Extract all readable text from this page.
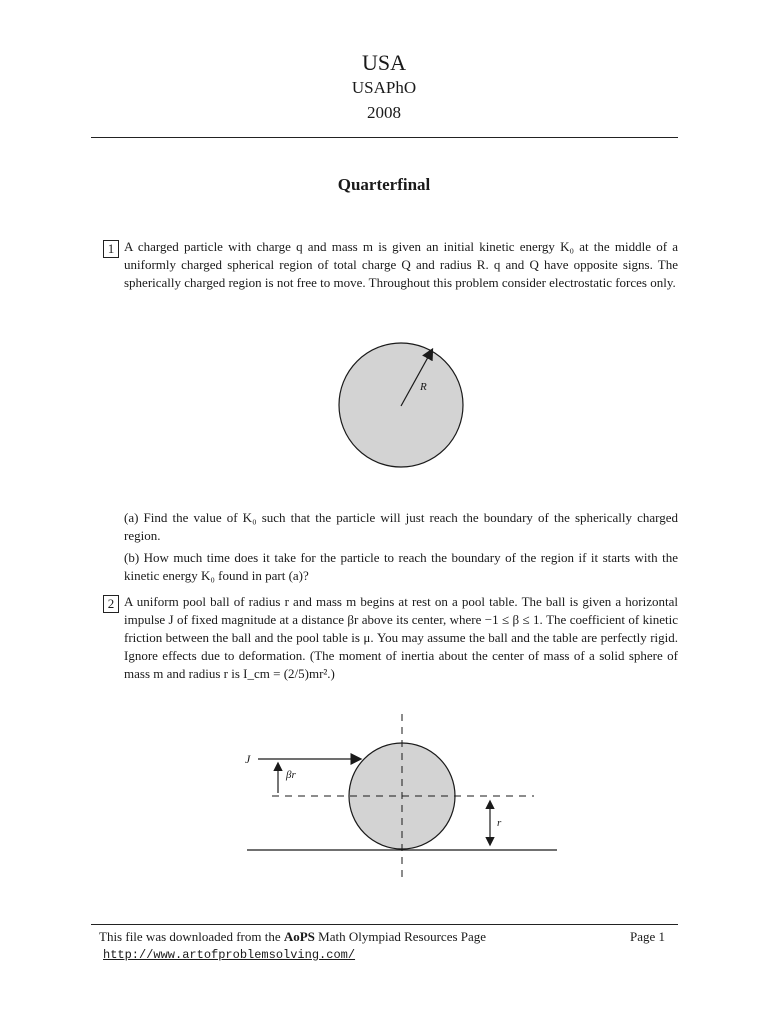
USA
USAPhO
2008
Quarterfinal
1 A charged particle with charge q and mass m is given an initial kinetic energy K₀ at the middle of a uniformly charged spherical region of total charge Q and radius R. q and Q have opposite signs. The spherically charged region is not free to move. Throughout this problem consider electrostatic forces only.
R
(a) Find the value of K₀ such that the particle will just reach the boundary of the spherically charged region.
(b) How much time does it take for the particle to reach the boundary of the region if it starts with the kinetic energy K₀ found in part (a)?
2 A uniform pool ball of radius r and mass m begins at rest on a pool table. The ball is given a horizontal impulse J of fixed magnitude at a distance βr above its center, where −1 ≤ β ≤ 1. The coefficient of kinetic friction between the ball and the pool table is μ. You may assume the ball and the table are perfectly rigid. Ignore effects due to deformation. (The moment of inertia about the center of mass of a solid sphere of mass m and radius r is I_cm = (2/5)mr².)
J
βr
r
This file was downloaded from the AoPS Math Olympiad Resources Page
http://www.artofproblemsolving.com/
Page 1
